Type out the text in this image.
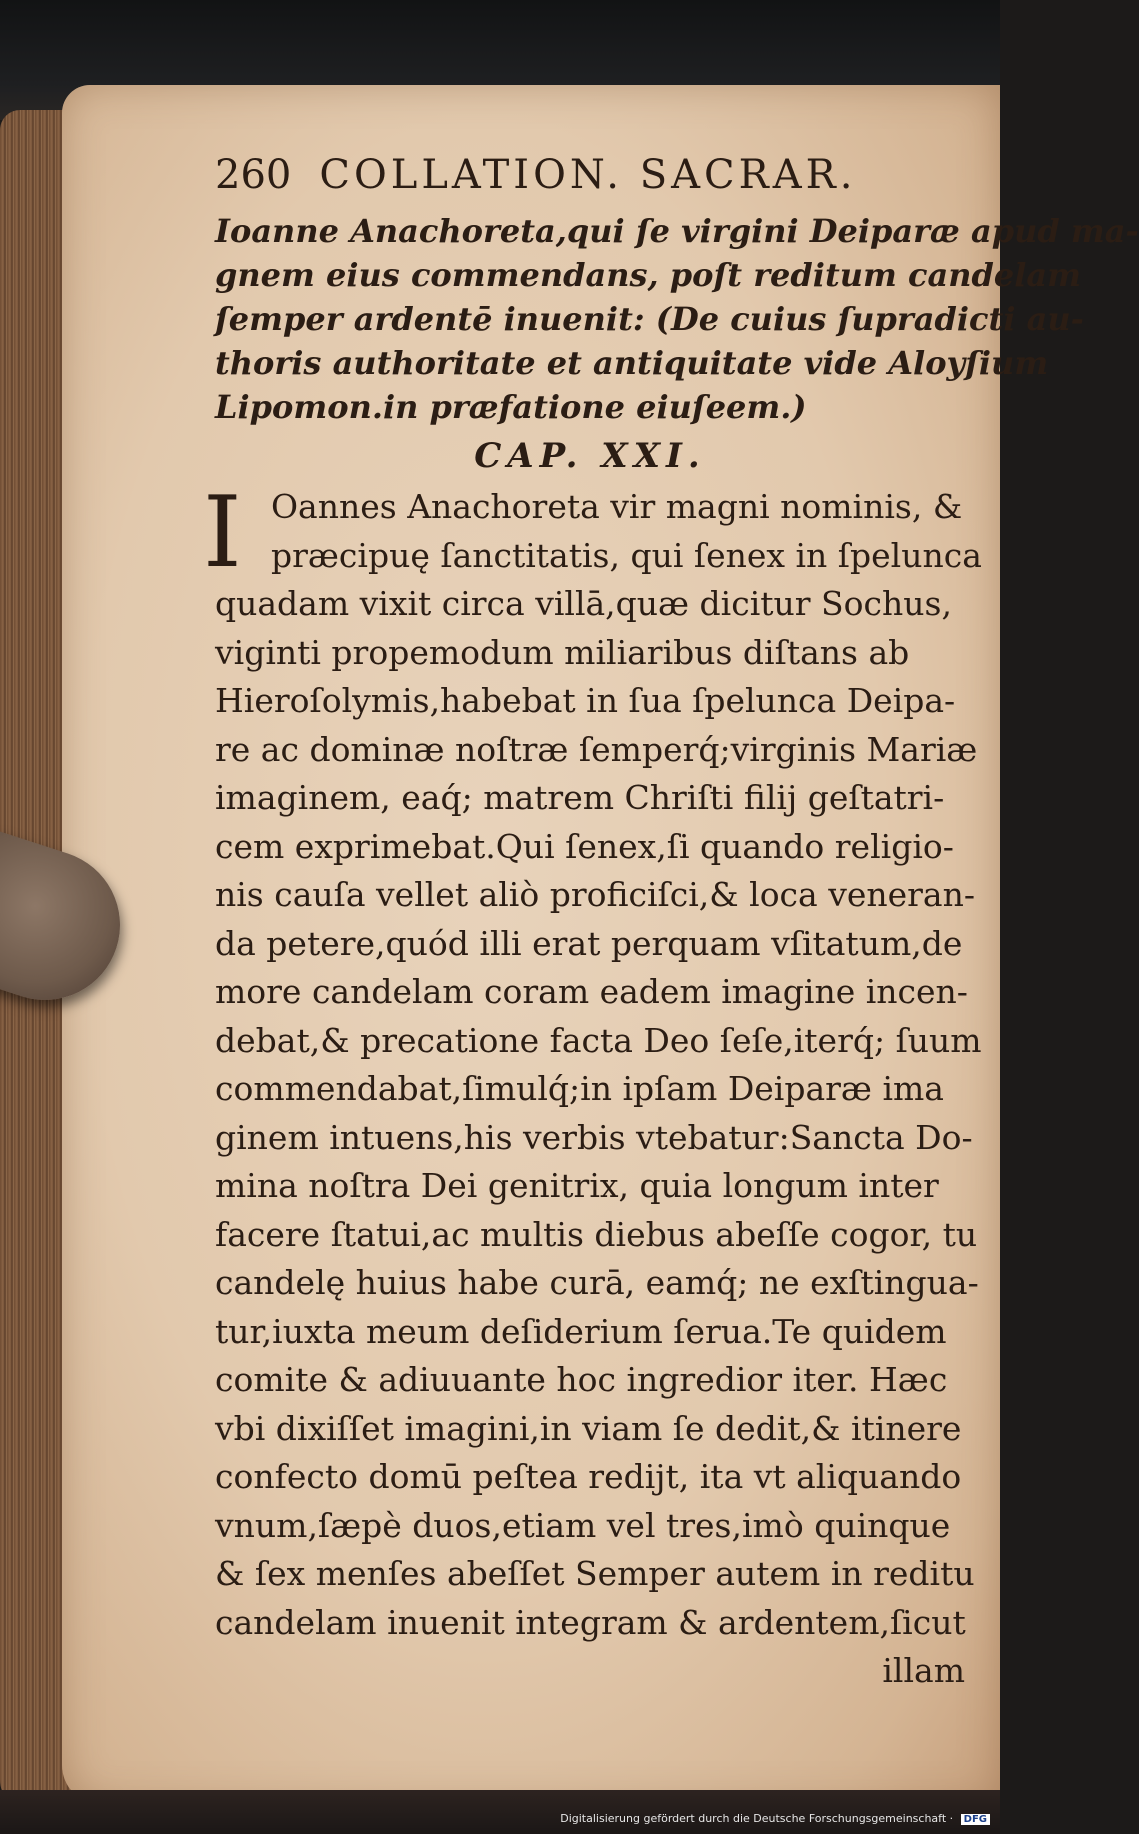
260 COLLATION. SACRAR.

Ioanne Anachoreta,qui ſe virgini Deiparæ apud ma-

gnem eius commendans, poſt reditum candelam

ſemper ardentē inuenit: (De cuius ſupradicti au-

thoris authoritate et antiquitate vide Aloyſium

Lipomon.in præfatione eiuſeem.)

CAP. XXI.
I Oannes Anachoreta vir magni nominis, &

præcipuę ſanctitatis, qui ſenex in ſpelunca

quadam vixit circa villā,quæ dicitur Sochus,

viginti propemodum miliaribus diſtans ab

Hieroſolymis,habebat in ſua ſpelunca Deipa-

re ac dominæ noſtræ ſemperq́;virginis Mariæ

imaginem, eaq́; matrem Chriſti filij geſtatri-

cem exprimebat.Qui ſenex,ſi quando religio-

nis cauſa vellet aliò proficiſci,& loca veneran-

da petere,quód illi erat perquam vſitatum,de

more candelam coram eadem imagine incen-

debat,& precatione facta Deo ſeſe,iterq́; ſuum

commendabat,ſimulq́;in ipſam Deiparæ ima

ginem intuens,his verbis vtebatur:Sancta Do-

mina noſtra Dei genitrix, quia longum inter

facere ſtatui,ac multis diebus abeſſe cogor, tu

candelę huius habe curā, eamq́; ne exſtingua-

tur,iuxta meum deſiderium ſerua.Te quidem

comite & adiuuante hoc ingredior iter. Hæc

vbi dixiſſet imagini,in viam ſe dedit,& itinere

confecto domū peſtea redijt, ita vt aliquando

vnum,ſæpè duos,etiam vel tres,imò quinque

& ſex menſes abeſſet Semper autem in reditu

candelam inuenit integram & ardentem,ſicut

illam

Digitalisierung gefördert durch die Deutsche Forschungsgemeinschaft · DFG
